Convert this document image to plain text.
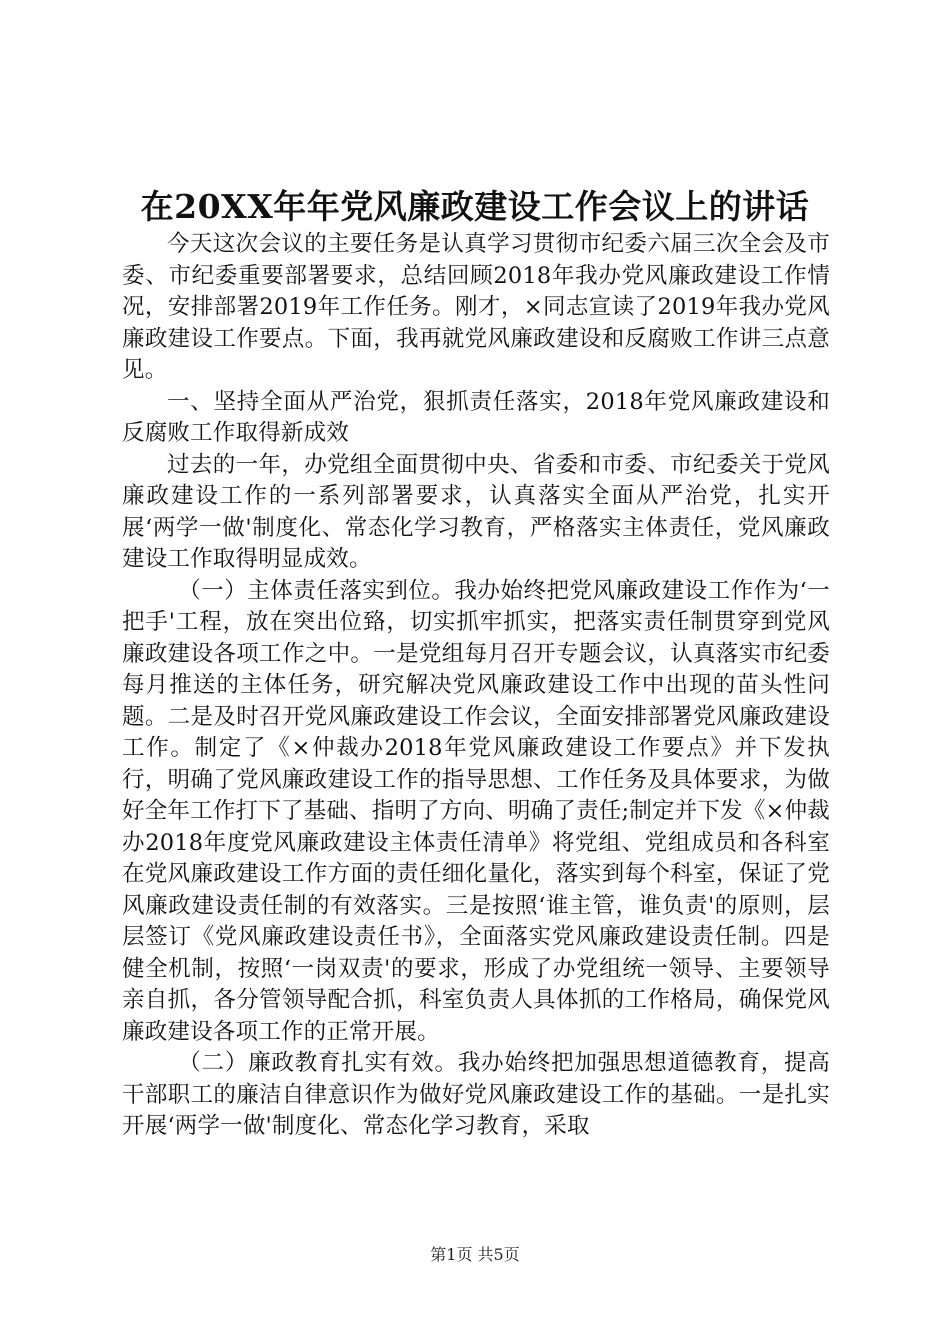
在20XX年年党风廉政建设工作会议上的讲话

今天这次会议的主要任务是认真学习贯彻市纪委六届三次全会及市委、市纪委重要部署要求，总结回顾2018年我办党风廉政建设工作情况，安排部署2019年工作任务。刚才，×同志宣读了2019年我办党风廉政建设工作要点。下面，我再就党风廉政建设和反腐败工作讲三点意见。

一、坚持全面从严治党，狠抓责任落实，2018年党风廉政建设和反腐败工作取得新成效

过去的一年，办党组全面贯彻中央、省委和市委、市纪委关于党风廉政建设工作的一系列部署要求，认真落实全面从严治党，扎实开展‘两学一做'制度化、常态化学习教育，严格落实主体责任，党风廉政建设工作取得明显成效。

（一）主体责任落实到位。我办始终把党风廉政建设工作作为‘一把手'工程，放在突出位臵，切实抓牢抓实，把落实责任制贯穿到党风廉政建设各项工作之中。一是党组每月召开专题会议，认真落实市纪委每月推送的主体任务，研究解决党风廉政建设工作中出现的苗头性问题。二是及时召开党风廉政建设工作会议，全面安排部署党风廉政建设工作。制定了《×仲裁办2018年党风廉政建设工作要点》并下发执行，明确了党风廉政建设工作的指导思想、工作任务及具体要求，为做好全年工作打下了基础、指明了方向、明确了责任;制定并下发《×仲裁办2018年度党风廉政建设主体责任清单》将党组、党组成员和各科室在党风廉政建设工作方面的责任细化量化，落实到每个科室，保证了党风廉政建设责任制的有效落实。三是按照‘谁主管，谁负责'的原则，层层签订《党风廉政建设责任书》，全面落实党风廉政建设责任制。四是健全机制，按照‘一岗双责'的要求，形成了办党组统一领导、主要领导亲自抓，各分管领导配合抓，科室负责人具体抓的工作格局，确保党风廉政建设各项工作的正常开展。

（二）廉政教育扎实有效。我办始终把加强思想道德教育，提高干部职工的廉洁自律意识作为做好党风廉政建设工作的基础。一是扎实开展‘两学一做'制度化、常态化学习教育，采取

第1页 共5页
